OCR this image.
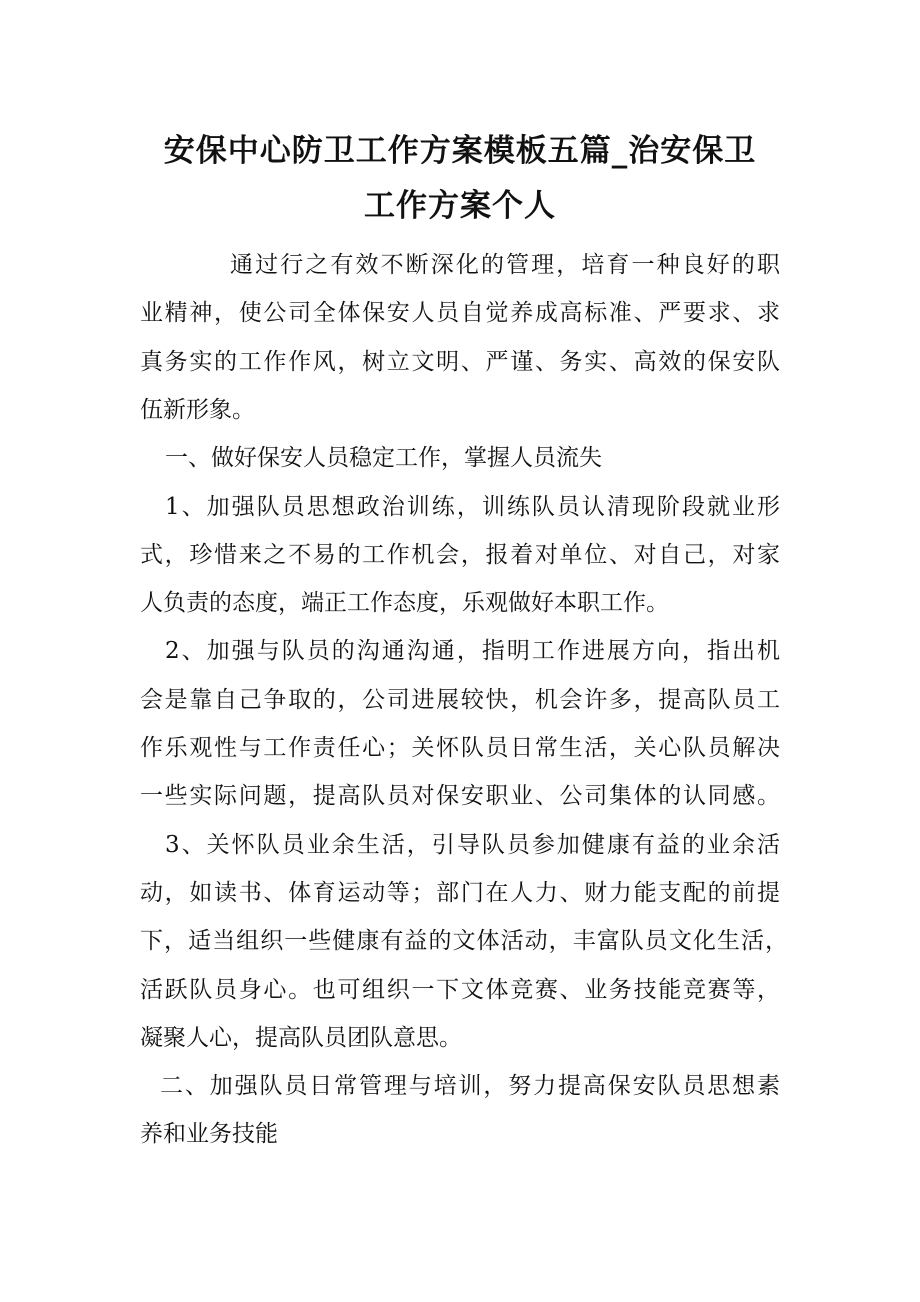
安保中心防卫工作方案模板五篇_治安保卫
工作方案个人
通过行之有效不断深化的管理，培育一种良好的职
业精神，使公司全体保安人员自觉养成高标准、严要求、求
真务实的工作作风，树立文明、严谨、务实、高效的保安队
伍新形象。
一、做好保安人员稳定工作，掌握人员流失
1、加强队员思想政治训练，训练队员认清现阶段就业形
式，珍惜来之不易的工作机会，报着对单位、对自己，对家
人负责的态度，端正工作态度，乐观做好本职工作。
2、加强与队员的沟通沟通，指明工作进展方向，指出机
会是靠自己争取的，公司进展较快，机会许多，提高队员工
作乐观性与工作责任心；关怀队员日常生活，关心队员解决
一些实际问题，提高队员对保安职业、公司集体的认同感。
3、关怀队员业余生活，引导队员参加健康有益的业余活
动，如读书、体育运动等；部门在人力、财力能支配的前提
下，适当组织一些健康有益的文体活动，丰富队员文化生活，
活跃队员身心。也可组织一下文体竞赛、业务技能竞赛等，
凝聚人心，提高队员团队意思。
二、加强队员日常管理与培训，努力提高保安队员思想素
养和业务技能
